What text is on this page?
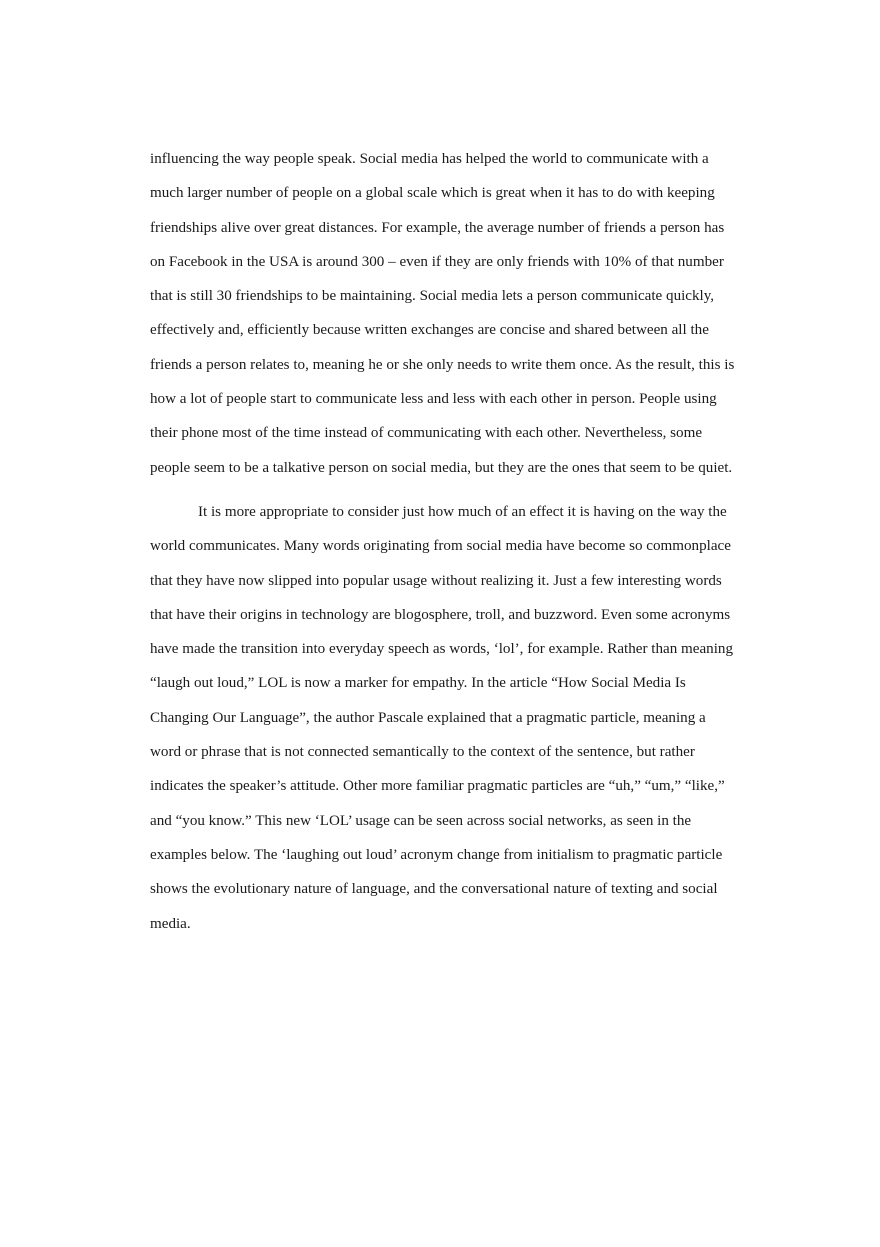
influencing the way people speak. Social media has helped the world to communicate with a
much larger number of people on a global scale which is great when it has to do with keeping
friendships alive over great distances. For example, the average number of friends a person has
on Facebook in the USA is around 300 – even if they are only friends with 10% of that number
that is still 30 friendships to be maintaining. Social media lets a person communicate quickly,
effectively and, efficiently because written exchanges are concise and shared between all the
friends a person relates to, meaning he or she only needs to write them once. As the result, this is
how a lot of people start to communicate less and less with each other in person. People using
their phone most of the time instead of communicating with each other. Nevertheless, some
people seem to be a talkative person on social media, but they are the ones that seem to be quiet.
It is more appropriate to consider just how much of an effect it is having on the way the
world communicates. Many words originating from social media have become so commonplace
that they have now slipped into popular usage without realizing it. Just a few interesting words
that have their origins in technology are blogosphere, troll, and buzzword. Even some acronyms
have made the transition into everyday speech as words, ‘lol’, for example. Rather than meaning
“laugh out loud,” LOL is now a marker for empathy. In the article “How Social Media Is
Changing Our Language”, the author Pascale explained that a pragmatic particle, meaning a
word or phrase that is not connected semantically to the context of the sentence, but rather
indicates the speaker’s attitude. Other more familiar pragmatic particles are “uh,” “um,” “like,”
and “you know.” This new ‘LOL’ usage can be seen across social networks, as seen in the
examples below. The ‘laughing out loud’ acronym change from initialism to pragmatic particle
shows the evolutionary nature of language, and the conversational nature of texting and social
media.
